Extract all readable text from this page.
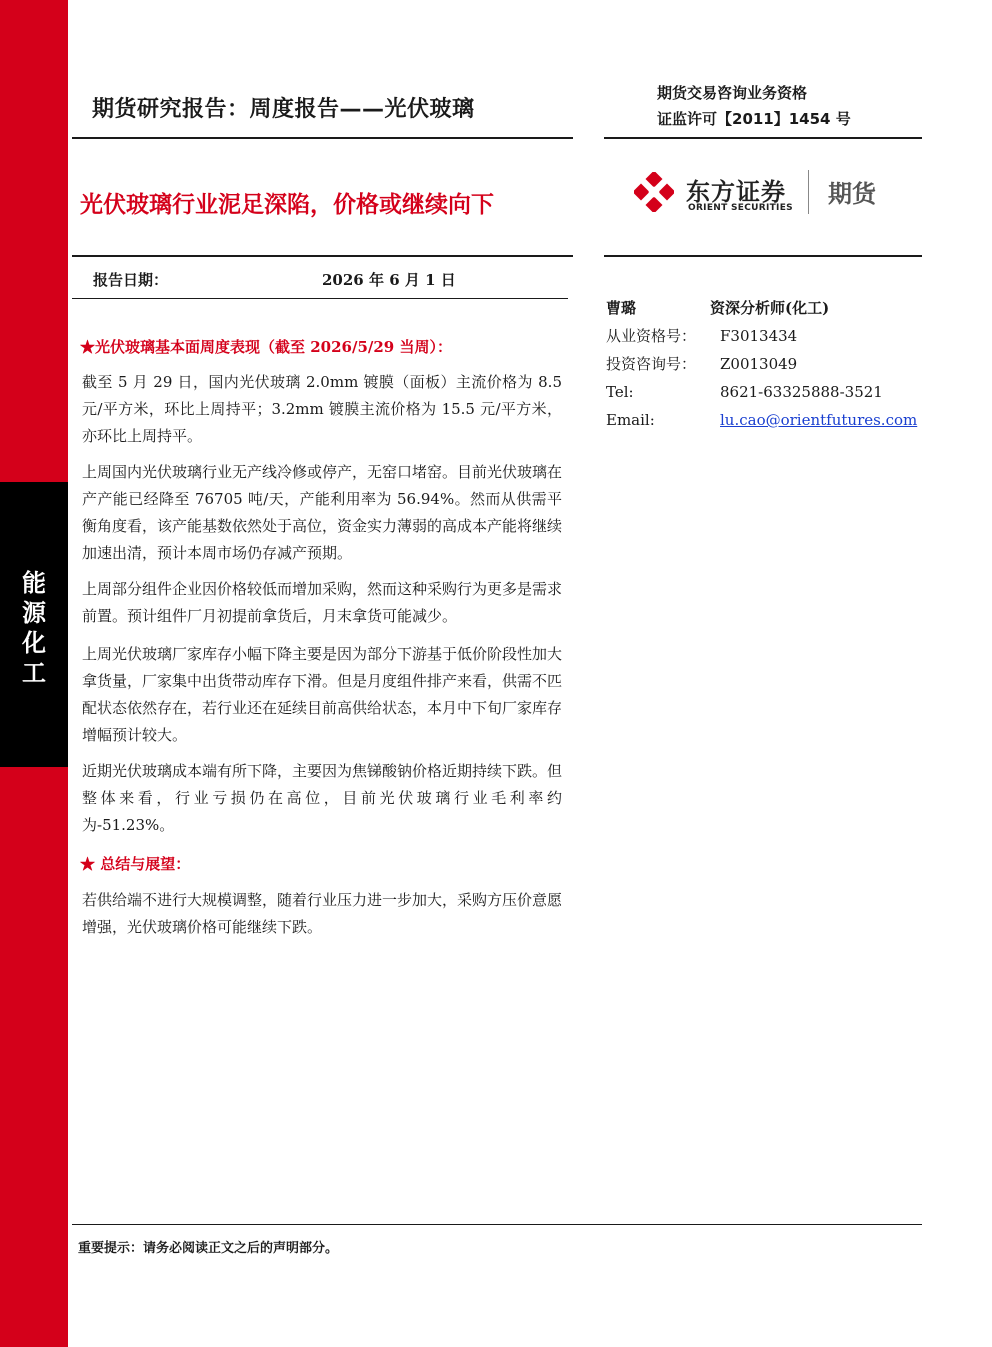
能
源
化
工
期货研究报告：周度报告——光伏玻璃
期货交易咨询业务资格
证监许可【2011】1454 号
光伏玻璃行业泥足深陷，价格或继续向下	东方证券
ORIENT SECURITIES 期货
报告日期：	2026 年 6 月 1 日
曹璐	资深分析师(化工)
从业资格号： F3013434
投资咨询号： Z0013049
Tel:	8621-63325888-3521
Email:	lu.cao@orientfutures.com
★光伏玻璃基本面周度表现（截至 2026/5/29 当周）：
截至 5 月 29 日，国内光伏玻璃 2.0mm 镀膜（面板）主流价格为 8.5 元/平方米，环比上周持平；3.2mm 镀膜主流价格为 15.5 元/平方米，亦环比上周持平。
上周国内光伏玻璃行业无产线冷修或停产，无窑口堵窑。目前光伏玻璃在产产能已经降至 76705 吨/天，产能利用率为 56.94%。然而从供需平衡角度看，该产能基数依然处于高位，资金实力薄弱的高成本产能将继续加速出清，预计本周市场仍存减产预期。
上周部分组件企业因价格较低而增加采购，然而这种采购行为更多是需求前置。预计组件厂月初提前拿货后，月末拿货可能减少。
上周光伏玻璃厂家库存小幅下降主要是因为部分下游基于低价阶段性加大拿货量，厂家集中出货带动库存下滑。但是月度组件排产来看，供需不匹配状态依然存在，若行业还在延续目前高供给状态，本月中下旬厂家库存增幅预计较大。
近期光伏玻璃成本端有所下降，主要因为焦锑酸钠价格近期持续下跌。但整体来看，行业亏损仍在高位，目前光伏玻璃行业毛利率约为-51.23%。
★ 总结与展望：
若供给端不进行大规模调整，随着行业压力进一步加大，采购方压价意愿增强，光伏玻璃价格可能继续下跌。
重要提示：请务必阅读正文之后的声明部分。
